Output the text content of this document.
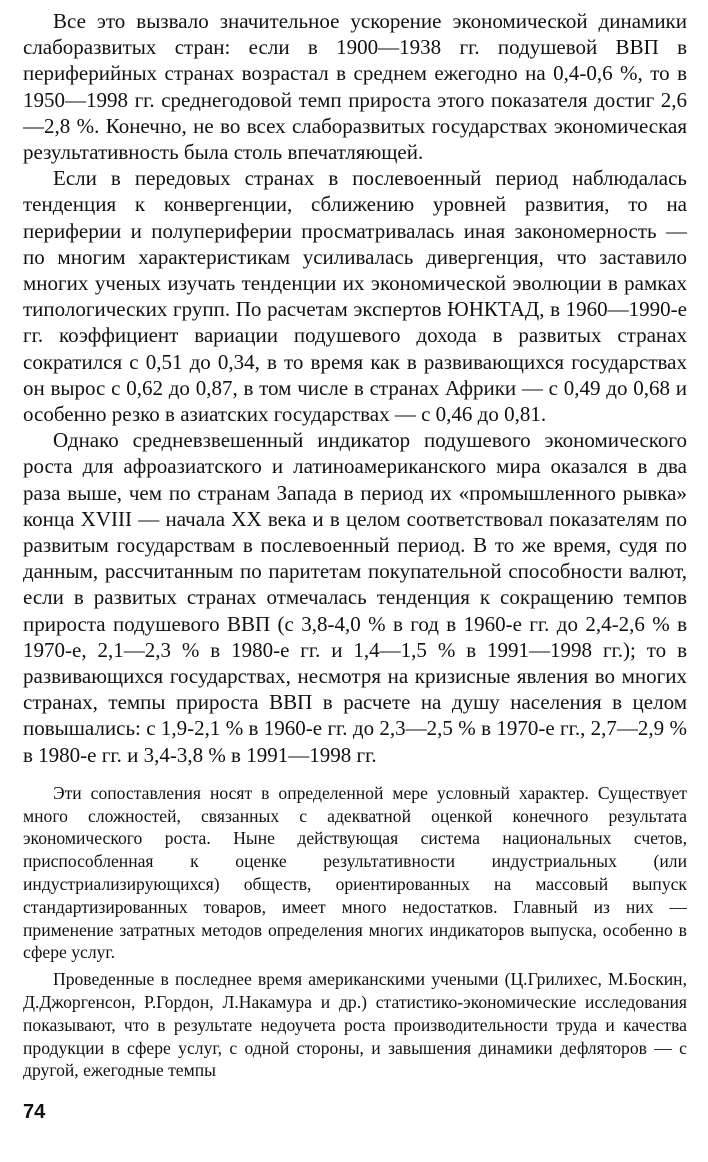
Все это вызвало значительное ускорение экономической динамики слаборазвитых стран: если в 1900—1938 гг. подушевой ВВП в периферийных странах возрастал в среднем ежегодно на 0,4-0,6 %, то в 1950—1998 гг. среднегодовой темп прироста этого показателя достиг 2,6—2,8 %. Конечно, не во всех слаборазвитых государствах экономическая результативность была столь впечатляющей.

Если в передовых странах в послевоенный период наблюдалась тенденция к конвергенции, сближению уровней развития, то на периферии и полупериферии просматривалась иная закономерность — по многим характеристикам усиливалась дивергенция, что заставило многих ученых изучать тенденции их экономической эволюции в рамках типологических групп. По расчетам экспертов ЮНКТАД, в 1960—1990-е гг. коэффициент вариации подушевого дохода в развитых странах сократился с 0,51 до 0,34, в то время как в развивающихся государствах он вырос с 0,62 до 0,87, в том числе в странах Африки — с 0,49 до 0,68 и особенно резко в азиатских государствах — с 0,46 до 0,81.

Однако средневзвешенный индикатор подушевого экономического роста для афроазиатского и латиноамериканского мира оказался в два раза выше, чем по странам Запада в период их «промышленного рывка» конца XVIII — начала XX века и в целом соответствовал показателям по развитым государствам в послевоенный период. В то же время, судя по данным, рассчитанным по паритетам покупательной способности валют, если в развитых странах отмечалась тенденция к сокращению темпов прироста подушевого ВВП (с 3,8-4,0 % в год в 1960-е гг. до 2,4-2,6 % в 1970-е, 2,1—2,3 % в 1980-е гг. и 1,4—1,5 % в 1991—1998 гг.); то в развивающихся государствах, несмотря на кризисные явления во многих странах, темпы прироста ВВП в расчете на душу населения в целом повышались: с 1,9-2,1 % в 1960-е гг. до 2,3—2,5 % в 1970-е гг., 2,7—2,9 % в 1980-е гг. и 3,4-3,8 % в 1991—1998 гг.

Эти сопоставления носят в определенной мере условный характер. Существует много сложностей, связанных с адекватной оценкой конечного результата экономического роста. Ныне действующая система национальных счетов, приспособленная к оценке результативности индустриальных (или индустриализирующихся) обществ, ориентированных на массовый выпуск стандартизированных товаров, имеет много недостатков. Главный из них — применение затратных методов определения многих индикаторов выпуска, особенно в сфере услуг.

Проведенные в последнее время американскими учеными (Ц.Грилихес, М.Боскин, Д.Джоргенсон, Р.Гордон, Л.Накамура и др.) статистико-экономические исследования показывают, что в результате недоучета роста производительности труда и качества продукции в сфере услуг, с одной стороны, и завышения динамики дефляторов — с другой, ежегодные темпы

74
